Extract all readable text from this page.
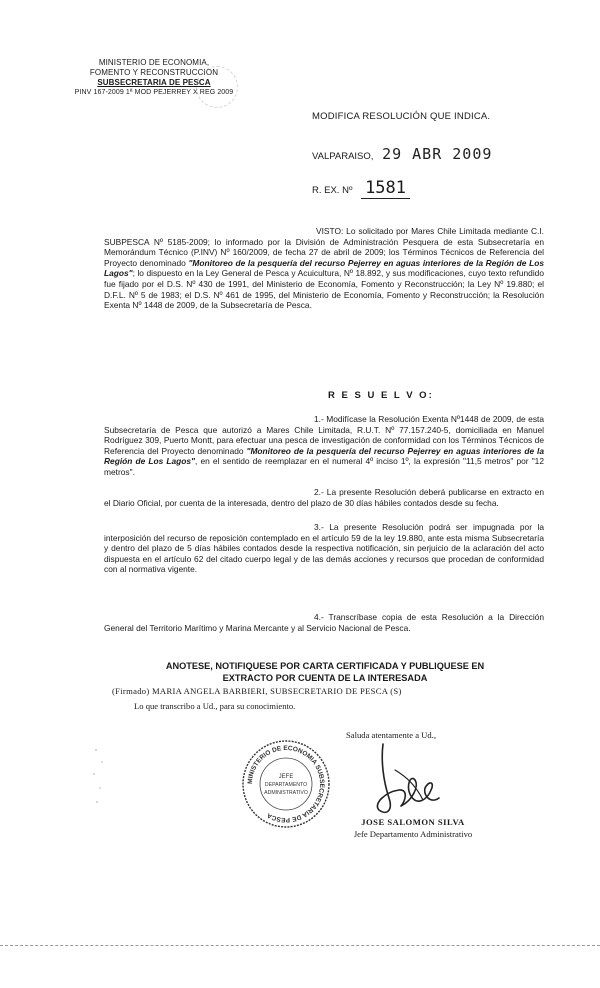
MINISTERIO DE ECONOMIA,
FOMENTO Y RECONSTRUCCION
SUBSECRETARIA DE PESCA
PINV 167-2009 1ª MOD PEJERREY X REG 2009
MODIFICA RESOLUCIÓN QUE INDICA.
VALPARAISO, 29 ABR 2009
R. EX. Nº 1581
VISTO: Lo solicitado por Mares Chile Limitada mediante C.I. SUBPESCA Nº 5185-2009; lo informado por la División de Administración Pesquera de esta Subsecretaría en Memorándum Técnico (P.INV) Nº 160/2009, de fecha 27 de abril de 2009; los Términos Técnicos de Referencia del Proyecto denominado "Monitoreo de la pesquería del recurso Pejerrey en aguas interiores de la Región de Los Lagos"; lo dispuesto en la Ley General de Pesca y Acuicultura, Nº 18.892, y sus modificaciones, cuyo texto refundido fue fijado por el D.S. Nº 430 de 1991, del Ministerio de Economía, Fomento y Reconstrucción; la Ley Nº 19.880; el D.F.L. Nº 5 de 1983; el D.S. Nº 461 de 1995, del Ministerio de Economía, Fomento y Reconstrucción; la Resolución Exenta Nº 1448 de 2009, de la Subsecretaría de Pesca.
R E S U E L V O:
1.- Modifícase la Resolución Exenta Nº1448 de 2009, de esta Subsecretaría de Pesca que autorizó a Mares Chile Limitada, R.U.T. Nº 77.157.240-5, domiciliada en Manuel Rodríguez 309, Puerto Montt, para efectuar una pesca de investigación de conformidad con los Términos Técnicos de Referencia del Proyecto denominado "Monitoreo de la pesquería del recurso Pejerrey en aguas interiores de la Región de Los Lagos", en el sentido de reemplazar en el numeral 4º inciso 1º, la expresión "11,5 metros" por "12 metros".
2.- La presente Resolución deberá publicarse en extracto en el Diario Oficial, por cuenta de la interesada, dentro del plazo de 30 días hábiles contados desde su fecha.
3.- La presente Resolución podrá ser impugnada por la interposición del recurso de reposición contemplado en el artículo 59 de la ley 19.880, ante esta misma Subsecretaría y dentro del plazo de 5 días hábiles contados desde la respectiva notificación, sin perjuicio de la aclaración del acto dispuesta en el artículo 62 del citado cuerpo legal y de las demás acciones y recursos que procedan de conformidad con al normativa vigente.
4.- Transcríbase copia de esta Resolución a la Dirección General del Territorio Marítimo y Marina Mercante y al Servicio Nacional de Pesca.
ANOTESE, NOTIFIQUESE POR CARTA CERTIFICADA Y PUBLIQUESE EN
EXTRACTO POR CUENTA DE LA INTERESADA
(Firmado) MARIA ANGELA BARBIERI, SUBSECRETARIO DE PESCA (S)
Lo que transcribo a Ud., para su conocimiento.
Saluda atentamente a Ud.,
MINISTERIO DE ECONOMIA SUBSECRETARIA DE PESCA
JEFE
DEPARTAMENTO
ADMINISTRATIVO
JOSE SALOMON SILVA
Jefe Departamento Administrativo
